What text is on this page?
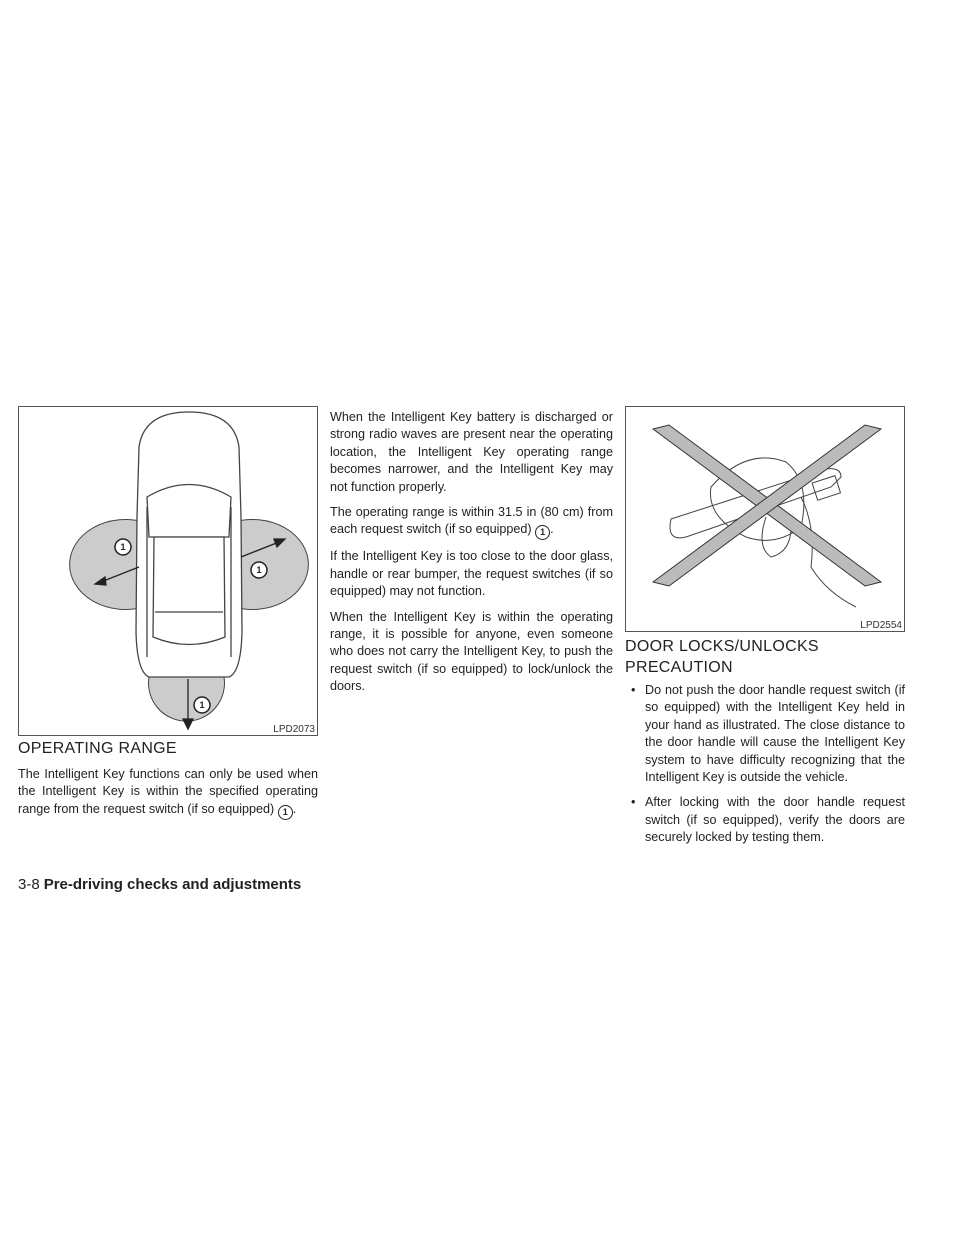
1
1
1
LPD2073
OPERATING RANGE

The Intelligent Key functions can only be used when the Intelligent Key is within the specified operating range from the request switch (if so equipped) 1 .

When the Intelligent Key battery is discharged or strong radio waves are present near the operating location, the Intelligent Key operating range becomes narrower, and the Intelligent Key may not function properly.

The operating range is within 31.5 in (80 cm) from each request switch (if so equipped) 1 .

If the Intelligent Key is too close to the door glass, handle or rear bumper, the request switches (if so equipped) may not function.

When the Intelligent Key is within the operating range, it is possible for anyone, even someone who does not carry the Intelligent Key, to push the request switch (if so equipped) to lock/unlock the doors.

LPD2554
DOOR LOCKS/UNLOCKS PRECAUTION
• Do not push the door handle request switch (if so equipped) with the Intelligent Key held in your hand as illustrated. The close distance to the door handle will cause the Intelligent Key system to have difficulty recognizing that the Intelligent Key is outside the vehicle.
• After locking with the door handle request switch (if so equipped), verify the doors are securely locked by testing them.
3-8 Pre-driving checks and adjustments
